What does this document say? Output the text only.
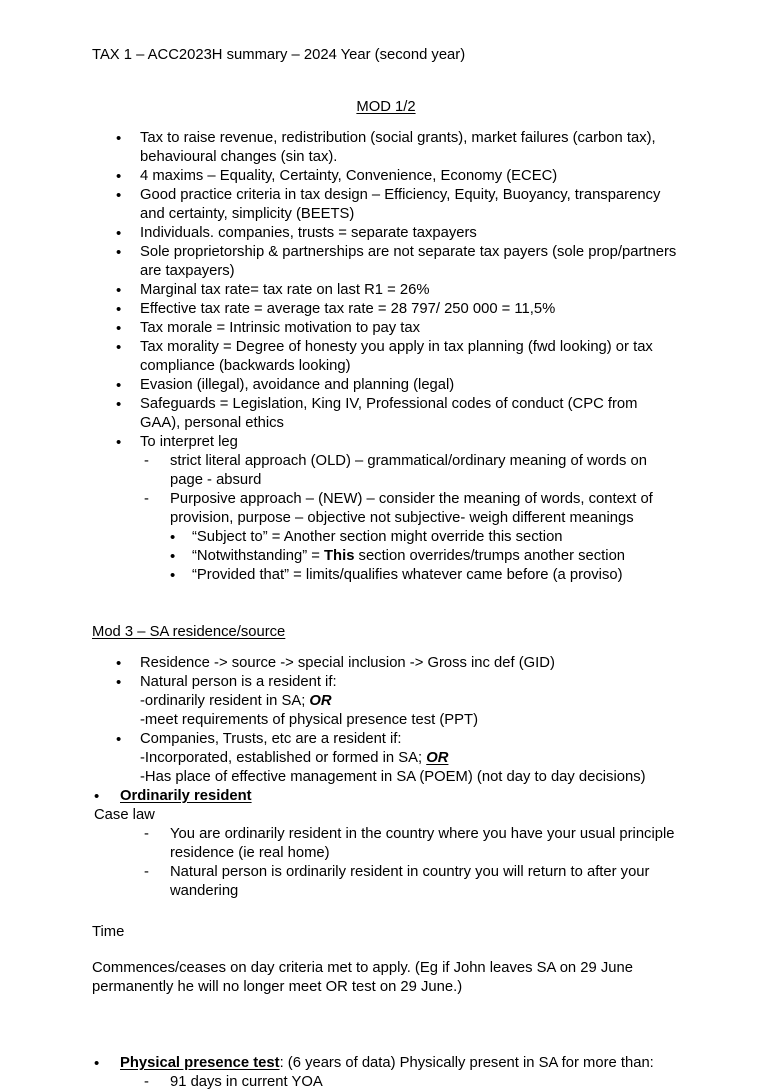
TAX 1 – ACC2023H summary – 2024 Year (second year)

MOD 1/2

• Tax to raise revenue, redistribution (social grants), market failures (carbon tax), behavioural changes (sin tax).
• 4 maxims – Equality, Certainty, Convenience, Economy (ECEC)
• Good practice criteria in tax design – Efficiency, Equity, Buoyancy, transparency and certainty, simplicity (BEETS)
• Individuals. companies, trusts = separate taxpayers
• Sole proprietorship & partnerships are not separate tax payers (sole prop/partners are taxpayers)
• Marginal tax rate= tax rate on last R1 = 26%
• Effective tax rate = average tax rate = 28 797/ 250 000 = 11,5%
• Tax morale = Intrinsic motivation to pay tax
• Tax morality = Degree of honesty you apply in tax planning (fwd looking) or tax compliance (backwards looking)
• Evasion (illegal), avoidance and planning (legal)
• Safeguards = Legislation, King IV, Professional codes of conduct (CPC from GAA), personal ethics
• To interpret leg
- strict literal approach (OLD) – grammatical/ordinary meaning of words on page - absurd
- Purposive approach – (NEW) – consider the meaning of words, context of provision, purpose – objective not subjective- weigh different meanings
• “Subject to” = Another section might override this section
• “Notwithstanding” = This section overrides/trumps another section
• “Provided that” = limits/qualifies whatever came before (a proviso)

Mod 3 – SA residence/source

• Residence -> source -> special inclusion -> Gross inc def (GID)
• Natural person is a resident if:
-ordinarily resident in SA; OR
-meet requirements of physical presence test (PPT)
• Companies, Trusts, etc are a resident if:
-Incorporated, established or formed in SA; OR
-Has place of effective management in SA (POEM) (not day to day decisions)
• Ordinarily resident

Case law

- You are ordinarily resident in the country where you have your usual principle residence (ie real home)
- Natural person is ordinarily resident in country you will return to after your wandering

Time

Commences/ceases on day criteria met to apply. (Eg if John leaves SA on 29 June permanently he will no longer meet OR test on 29 June.)

• Physical presence test: (6 years of data) Physically present in SA for more than:
- 91 days in current YOA
